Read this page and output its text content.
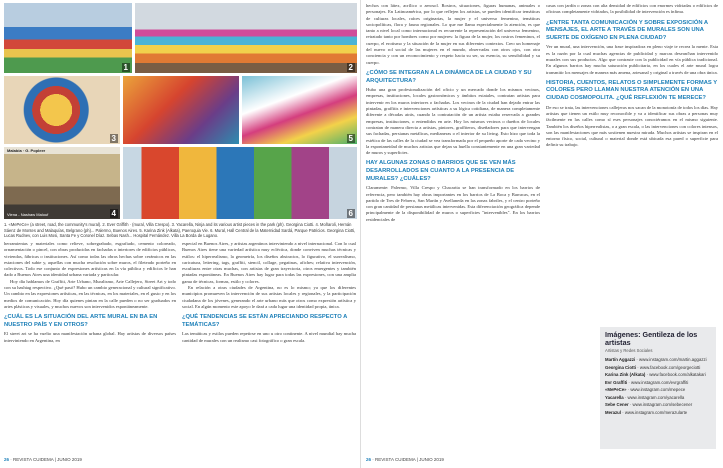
1	2
3	5
Malabia · G. Popleer
Viena - Nashaw Malouf	4	6
1. «MePeCe» (a street, road, the community's mural). 2. Ever Griffith · (mural, Villa Crespo). 3. Yacarella, Ninja and its various artist pieces in the park (ph). Georgina Ciotti. 4. Moñaroli, Hernán Sáenz de Montes and Malaquías, Belgrano (ph)... Palermo, Buenos Aires. 5. Karina Zink (Alkata), Paeroquia Vie. 6. Mural, Hall Central de la Maternidad Sardá, Parque Patricios. Georgina Ciotti, Lucas Rudnev, con Luis Mosi, Santa Fe y Coronel Díaz. Sebas Nash... Hospital Fernández. Villa La Borda de Lugano.

herramientas y materiales como relieve, sobregrabado, esgrafiado, cemento coloreado, ornamentación o pincel, con obras producidas en fachadas o interiores de edificios públicos, viviendas, fábricas o instituciones. Así como todas las obras hechas sobre cerámicos en las estaciones del subte y, aquellas con mucha resolución sobre muros, el fileteado porteño en colectivos. Todo ese conjunto de expresiones artísticas en la vía pública y edificios le han dado a Buenos Aires una identidad urbana variada y particular.

Hoy día hablamos de Graffiti, Arte Urbano, Muralismo, Arte Callejero, Street Art y todo con su hashtag respectivo. ¿Qué pasó? Hubo un cambio generacional y cultural significativo. Un cambio en las expresiones artísticas, en las técnicas, en los materiales, en el gusto y en los medios de comunicación. Hoy día quienes pintan en la calle pueden o no ser graduados en artes plásticas y visuales, y muchos nuevos son intervenidos espontáneamente.

¿CUÁL ES LA SITUACIÓN DEL ARTE MURAL EN BA EN NUESTRO PAÍS Y EN OTROS?

El street art se ha vuelto una manifestación urbana global. Hay artistas de diversos países interviniendo en Argentina, en

especial en Buenos Aires, y artistas argentinos interviniendo a nivel internacional. Con lo cual Buenos Aires tiene una variedad artística muy ecléctica, donde conviven muchas técnicas y estilos: el hiperrealismo, la geometría, los diseños abstractos, lo figurativo, el surrealismo, caricatura, lettering, tags, graffiti, stencil, collage, pegatinas, afiches; relativa intervención, esculturas entre otras muchas, con artistas de gran trayectoria, otros emergentes y también pintadas espontáneas. En Buenos Aires hay lugar para todas las expresiones, con una amplia gama de técnicas, formas, estilo y colores.

En relación a otras ciudades de Argentina, no es lo mismo; ya que los diferentes municipios promueven la intervención de sus artistas locales y regionales, y la participación ciudadana de los jóvenes, generando el arte urbano más que otros como expresión artística y social. En algún momento este apoyo le dará a cada lugar una identidad propia, única.

¿QUÉ TENDENCIAS SE ESTÁN APRECIANDO RESPECTO A TEMÁTICAS?

Las temáticas y estilos pueden repetirse en uno u otro continente. A nivel mundial hay mucha cantidad de murales con un realismo casi fotográfico o gran escala.

26 · REVISTA CUIDEMA | JUNIO 2019

hechos con látex, acrílico o aerosol. Rostros, situaciones, figuras humanas, animales o personajes. En Latinoamérica, por lo que reflejen los artistas, se pueden identificar temáticas de culturas locales, raíces originarias, la mujer y el universo femenino, temáticas sociopolíticas, flora y fauna regionales. Lo que me llama especialmente la atención, es que tanto a nivel local como internacional es recurrente la representación del universo femenino, retratado tanto por hombres como por mujeres: la figura de la mujer, los rostros femeninos, el cuerpo, el erotismo y la situación de la mujer en sus diferentes contextos. Creo un homenaje del nuevo rol social de las mujeres en el mundo, observadas con otros ojos, con otra conciencia y con un reconocimiento y respeto hacia su ser, su esencia, su sensibilidad y su cuerpo.

¿CÓMO SE INTEGRAN A LA DINÁMICA DE LA CIUDAD Y SU ARQUITECTURA?

Hubo una gran profesionalización del oficio y un mercado donde los mismos vecinos, empresas, instituciones, locales gastronómicos y ámbitos estatales, contratan artistas para intervenir en los muros interiores o fachadas. Los vecinos de la ciudad han dejado entrar las pintadas, graffitis e intervenciones artísticas a su lógica cotidiana, de manera completamente diferente a décadas atrás, cuando la contratación de un artista estaba reservada a grandes empresas, instituciones, o entendidos en arte. Hoy los mismos vecinos o dueños de locales contratan de manera directa a artistas, pintores, graffiteros, diseñadores para que intervengan sus fachadas, persianas metálicas, medianeras o el interior de su living. Esto hizo que toda la estética de las calles de la ciudad se vea transformada por el pequeño aporte de cada vecino y la espontaneidad de muchos artistas que dejan su huella constantemente en una gran variedad de muros y superficies.

HAY ALGUNAS ZONAS O BARRIOS QUE SE VEN MÁS DESARROLLADOS EN CUANTO A LA PRESENCIA DE MURALES? ¿CUÁLES?

Claramente: Palermo, Villa Crespo y Chacarita se han transformado en los barrios de referencia, pero también hay obras importantes en los barrios de La Boca y Barracas, en el partido de Tres de Febrero, San Martín y Avellaneda en las zonas fabriles, y el centro porteño con gran cantidad de persianas metálicas intervenidas. Esta diferenciación geográfica depende principalmente de la disponibilidad de muros o superficies "intervenibles". En los barrios residenciales de

casas con jardín o zonas con alta densidad de edificios con enormes vidriadas o edificios de oficinas completamente vidriados, la posibilidad de intervención es ínfima.

¿ENTRE TANTA COMUNICACIÓN Y SOBRE EXPOSICIÓN A MENSAJES, EL ARTE A TRAVÉS DE MURALES SON UNA SUERTE DE OXÍGENO EN PLENA CIUDAD?

Ver un mural, una intervención, una frase inspiradora en pleno viaje te recrea la mente. Esta es la razón por la cual muchas agencias de publicidad y marcas desean/han intervenido murales con sus productos. Algo que contraste con la publicidad en vía pública tradicional. En algunos barrios hay mucha saturación publicitaria, en los cuales el arte mural logra transmitir los mensajes de manera más amena, artesanal y original a través de una obra única.

HISTORIA, CUENTOS, RELATOS O SIMPLEMENTE FORMAS Y COLORES PERO LLAMAN NUESTRA ATENCIÓN EN UNA CIUDAD COSMOPOLITA. ¿QUÉ REFLEXIÓN TE MERECE?

De eso se trata, las intervenciones callejeras nos sacan de la monotonía de todos los días. Hay artistas que tienen un estilo muy reconocible y va a identificar sus obras a personas muy fácilmente en las calles como sí eses personajes conociéramos en el mismo siguiente. También los diseños hiperrealistas, o a gran escala, o las intervenciones con colores intensos, son las manifestaciones que más sostienen nuestra mirada. Muchos artistas se inspiran en el entorno físico, social, cultural o material donde está ubicada esa pared o superficie para definir su trabajo.

Imágenes: Gentileza de los artistas
Artistas y Redes Sociales
Martín Aggazzi · www.instagram.com/martin.aggazzi
Georgina Ciotti · www.facebook.com/georgeciotti
Karina Zink (Alkata) · www.facebook.com/alkatakari
Evr Graffiti · www.instagram.com/evrgraffiti
«MePeCe» · www.instagram.com/mepece
Yacarella · www.instagram.com/yacarella
Sebe Cener · www.instagram.com/sebecener
Merazul · www.instagram.com/merazularte
26 · REVISTA CUIDEMA | JUNIO 2019
